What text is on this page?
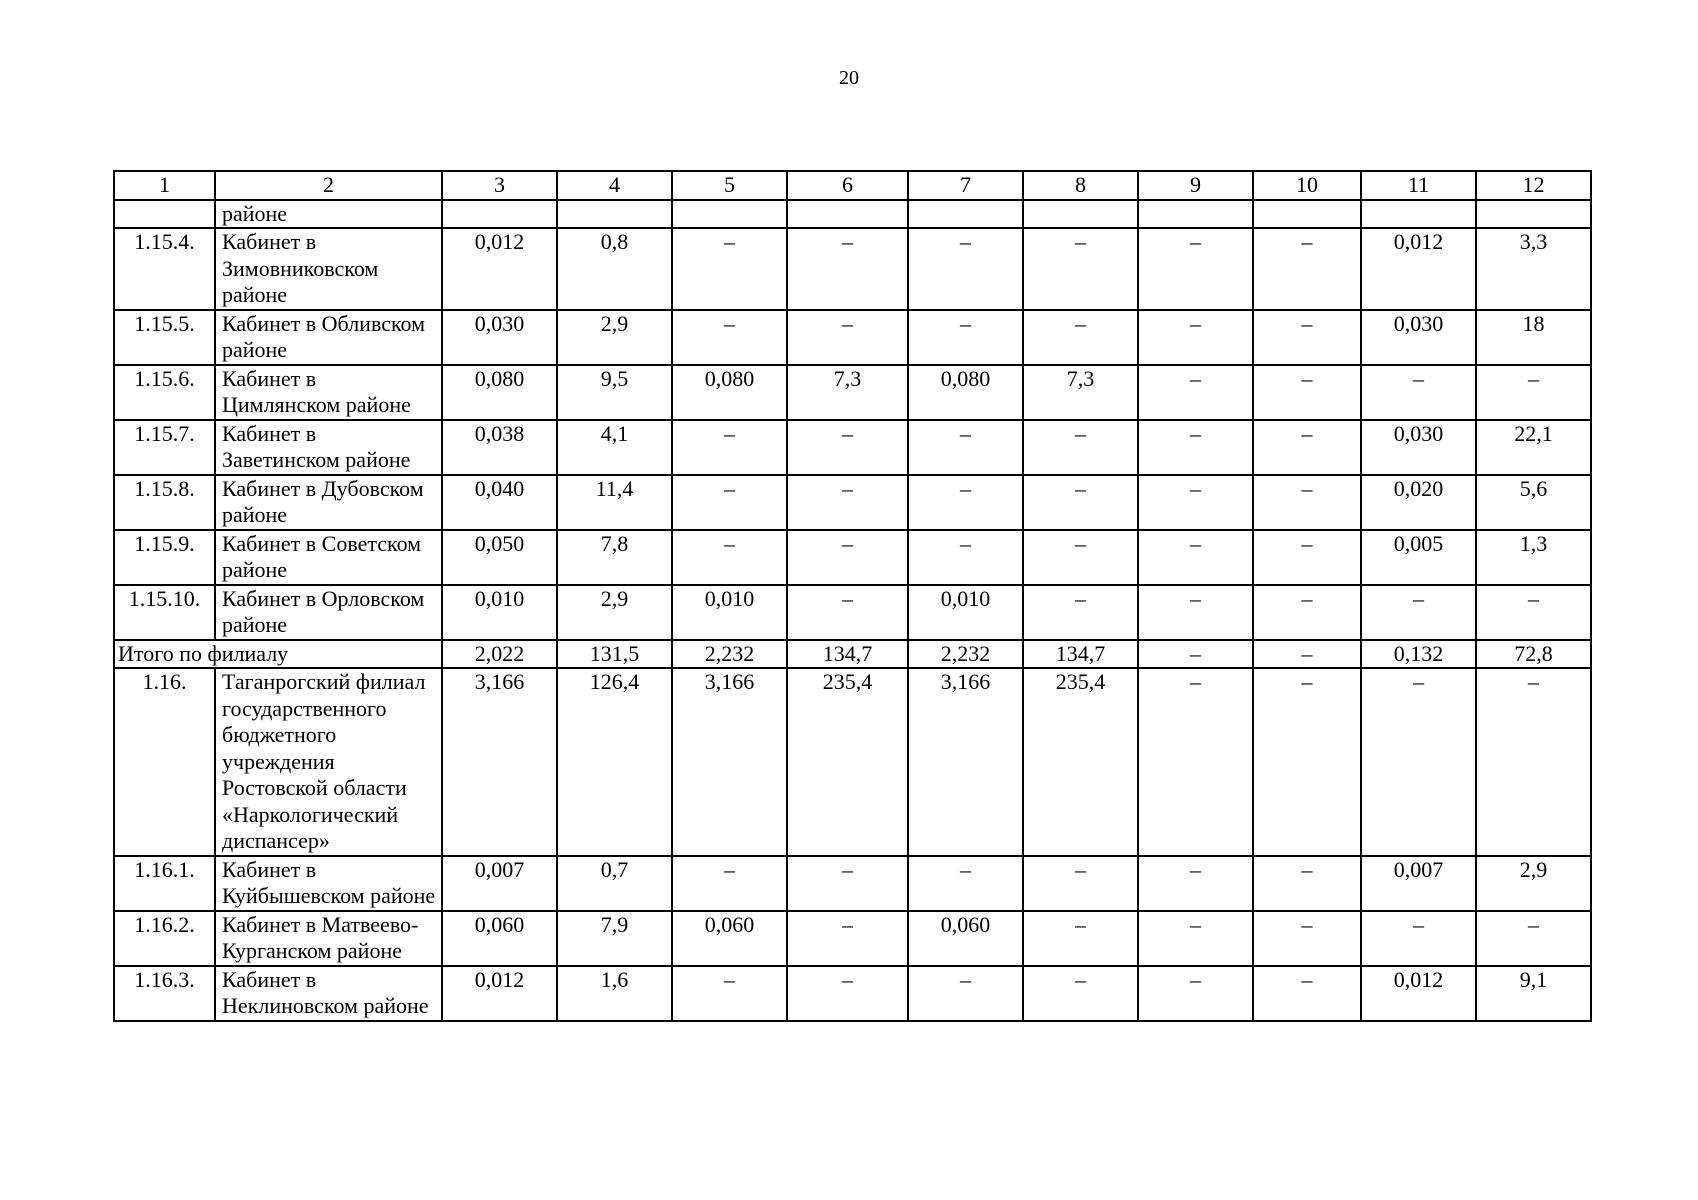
20
1	2	3	4	5	6	7	8	9	10	11	12
	районе										
1.15.4.	Кабинет в Зимовниковском районе	0,012	0,8	–	–	–	–	–	–	0,012	3,3
1.15.5.	Кабинет в Обливском районе	0,030	2,9	–	–	–	–	–	–	0,030	18
1.15.6.	Кабинет в Цимлянском районе	0,080	9,5	0,080	7,3	0,080	7,3	–	–	–	–
1.15.7.	Кабинет в Заветинском районе	0,038	4,1	–	–	–	–	–	–	0,030	22,1
1.15.8.	Кабинет в Дубовском районе	0,040	11,4	–	–	–	–	–	–	0,020	5,6
1.15.9.	Кабинет в Советском районе	0,050	7,8	–	–	–	–	–	–	0,005	1,3
1.15.10.	Кабинет в Орловском районе	0,010	2,9	0,010	–	0,010	–	–	–	–	–
Итого по филиалу		2,022	131,5	2,232	134,7	2,232	134,7	–	–	0,132	72,8
1.16.	Таганрогский филиал государственного бюджетного учреждения Ростовской области «Наркологический диспансер»	3,166	126,4	3,166	235,4	3,166	235,4	–	–	–	–
1.16.1.	Кабинет в Куйбышевском районе	0,007	0,7	–	–	–	–	–	–	0,007	2,9
1.16.2.	Кабинет в Матвеево-Курганском районе	0,060	7,9	0,060	–	0,060	–	–	–	–	–
1.16.3.	Кабинет в Неклиновском районе	0,012	1,6	–	–	–	–	–	–	0,012	9,1
